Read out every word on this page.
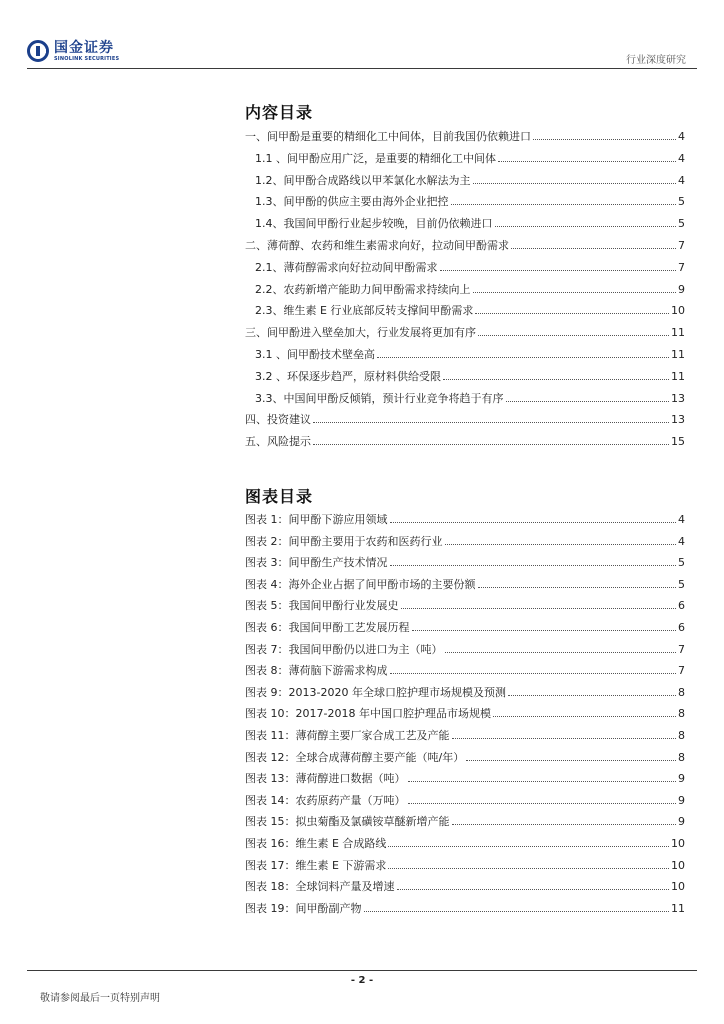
国金证券
SINOLINK SECURITIES	行业深度研究
内容目录
一、间甲酚是重要的精细化工中间体，目前我国仍依赖进口	4
1.1 、间甲酚应用广泛，是重要的精细化工中间体	4
1.2、间甲酚合成路线以甲苯氯化水解法为主	4
1.3、间甲酚的供应主要由海外企业把控	5
1.4、我国间甲酚行业起步较晚，目前仍依赖进口	5
二、薄荷醇、农药和维生素需求向好，拉动间甲酚需求	7
2.1、薄荷醇需求向好拉动间甲酚需求	7
2.2、农药新增产能助力间甲酚需求持续向上	9
2.3、维生素 E 行业底部反转支撑间甲酚需求	10
三、间甲酚进入壁垒加大，行业发展将更加有序	11
3.1 、间甲酚技术壁垒高	11
3.2 、环保逐步趋严，原材料供给受限	11
3.3、中国间甲酚反倾销，预计行业竞争将趋于有序	13
四、投资建议	13
五、风险提示	15
图表目录
图表 1：间甲酚下游应用领域	4
图表 2：间甲酚主要用于农药和医药行业	4
图表 3：间甲酚生产技术情况	5
图表 4：海外企业占据了间甲酚市场的主要份额	5
图表 5：我国间甲酚行业发展史	6
图表 6：我国间甲酚工艺发展历程	6
图表 7：我国间甲酚仍以进口为主（吨）	7
图表 8：薄荷脑下游需求构成	7
图表 9：2013-2020 年全球口腔护理市场规模及预测	8
图表 10：2017-2018 年中国口腔护理品市场规模	8
图表 11：薄荷醇主要厂家合成工艺及产能	8
图表 12：全球合成薄荷醇主要产能（吨/年）	8
图表 13：薄荷醇进口数据（吨）	9
图表 14：农药原药产量（万吨）	9
图表 15：拟虫菊酯及氯磺铵草醚新增产能	9
图表 16：维生素 E 合成路线	10
图表 17：维生素 E 下游需求	10
图表 18：全球饲料产量及增速	10
图表 19：间甲酚副产物	11
- 2 -
敬请参阅最后一页特别声明
